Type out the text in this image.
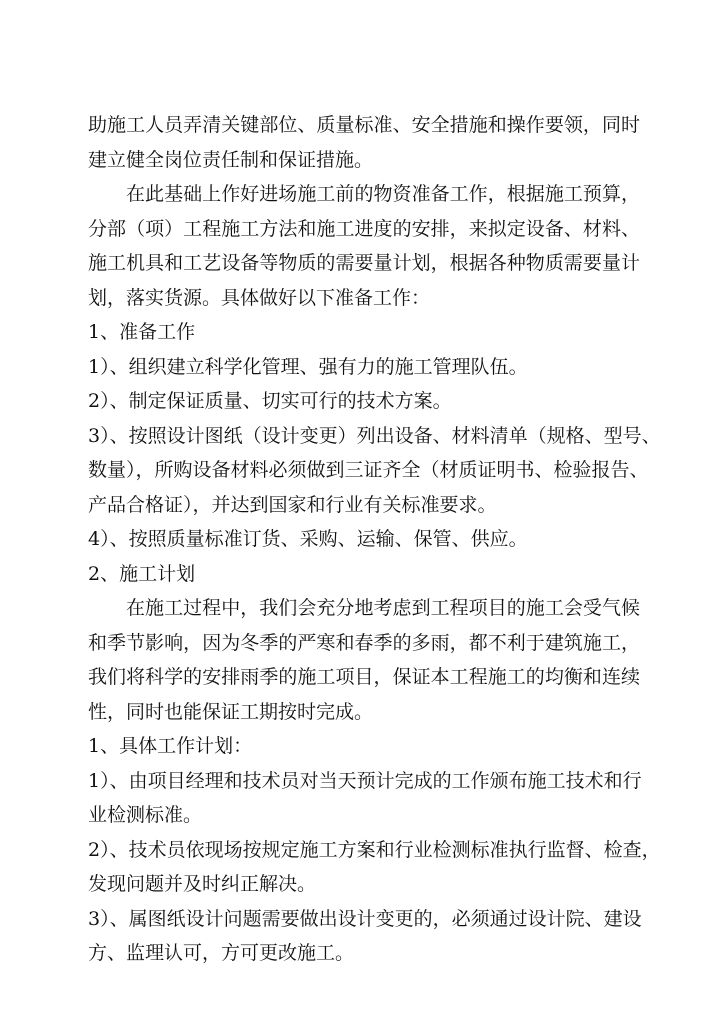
助施工人员弄清关键部位、质量标准、安全措施和操作要领，同时
建立健全岗位责任制和保证措施。
在此基础上作好进场施工前的物资准备工作，根据施工预算，
分部（项）工程施工方法和施工进度的安排，来拟定设备、材料、
施工机具和工艺设备等物质的需要量计划，根据各种物质需要量计
划，落实货源。具体做好以下准备工作：
1、准备工作
1）、组织建立科学化管理、强有力的施工管理队伍。
2）、制定保证质量、切实可行的技术方案。
3）、按照设计图纸（设计变更）列出设备、材料清单（规格、型号、
数量），所购设备材料必须做到三证齐全（材质证明书、检验报告、
产品合格证），并达到国家和行业有关标准要求。
4）、按照质量标准订货、采购、运输、保管、供应。
2、施工计划
在施工过程中，我们会充分地考虑到工程项目的施工会受气候
和季节影响，因为冬季的严寒和春季的多雨，都不利于建筑施工，
我们将科学的安排雨季的施工项目，保证本工程施工的均衡和连续
性，同时也能保证工期按时完成。
1、具体工作计划：
1）、由项目经理和技术员对当天预计完成的工作颁布施工技术和行
业检测标准。
2）、技术员依现场按规定施工方案和行业检测标准执行监督、检查，
发现问题并及时纠正解决。
3）、属图纸设计问题需要做出设计变更的，必须通过设计院、建设
方、监理认可，方可更改施工。
